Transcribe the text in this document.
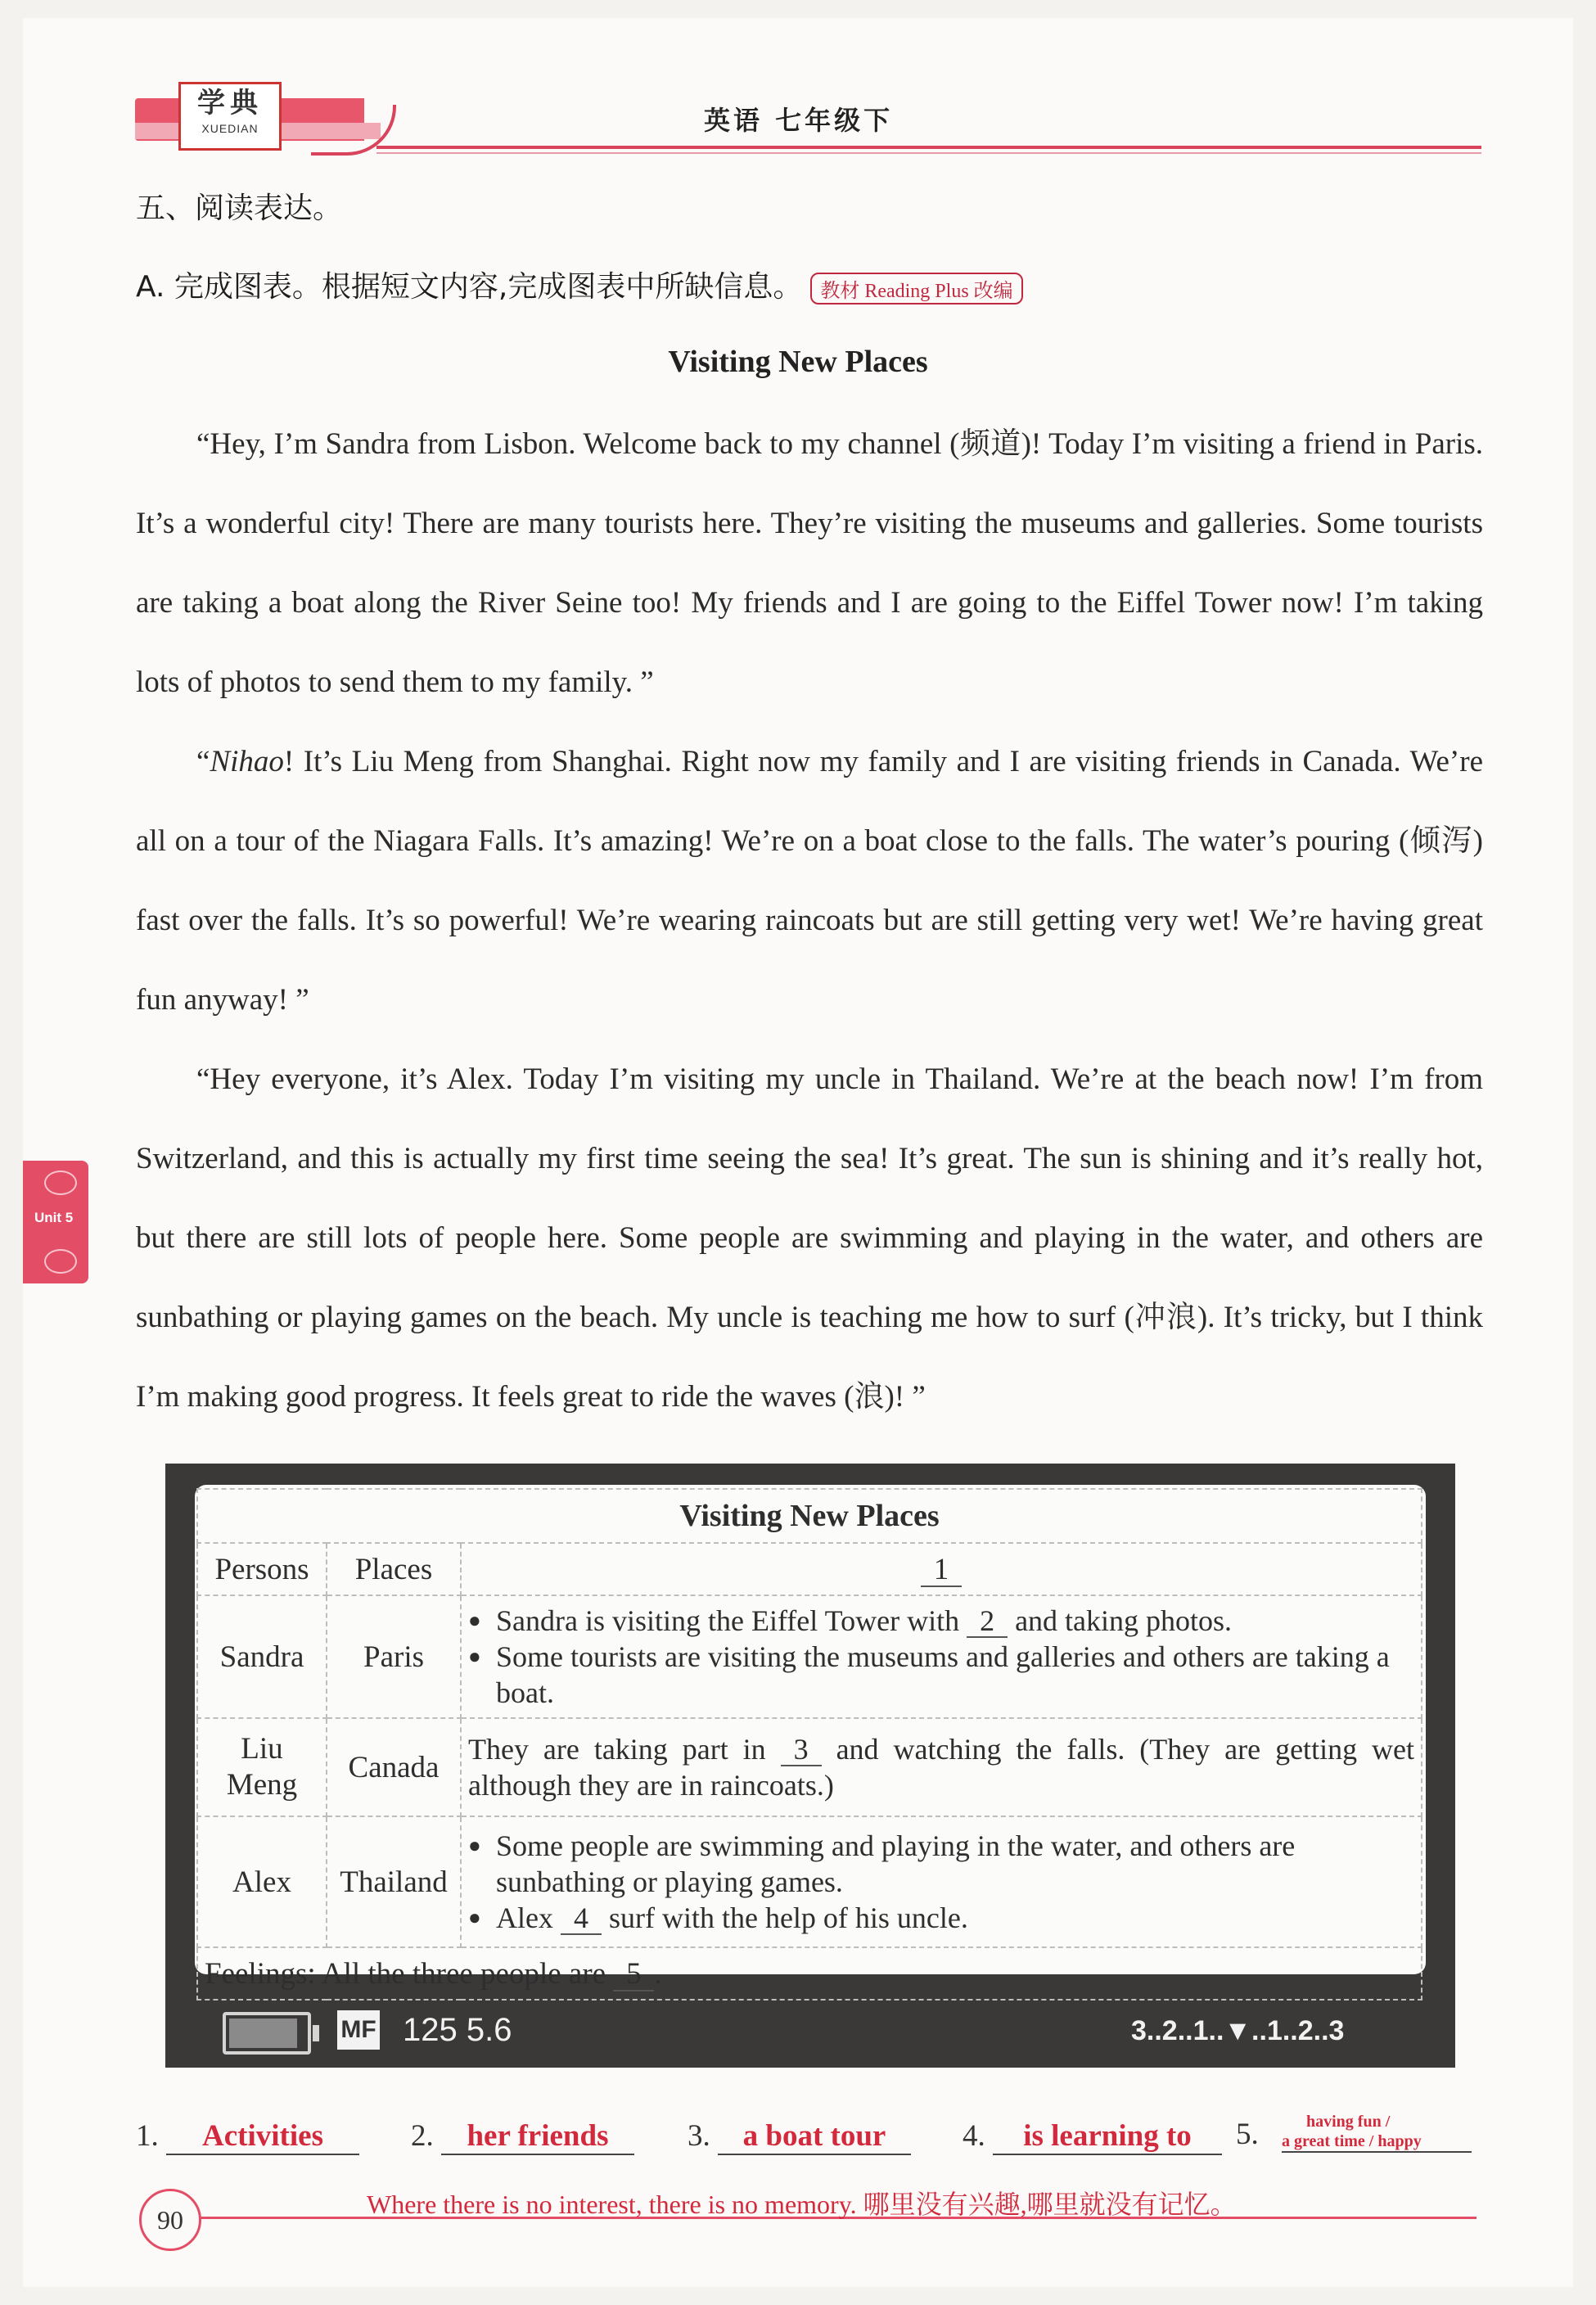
学典
XUEDIAN	英语 七年级下
五、阅读表达。
A. 完成图表。根据短文内容,完成图表中所缺信息。 教材 Reading Plus 改编
Visiting New Places
“Hey, I’m Sandra from Lisbon. Welcome back to my channel (频道)! Today I’m visiting a friend in Paris. It’s a wonderful city! There are many tourists here. They’re visiting the museums and galleries. Some tourists are taking a boat along the River Seine too! My friends and I are going to the Eiffel Tower now! I’m taking lots of photos to send them to my family. ”
“Nihao! It’s Liu Meng from Shanghai. Right now my family and I are visiting friends in Canada. We’re all on a tour of the Niagara Falls. It’s amazing! We’re on a boat close to the falls. The water’s pouring (倾泻) fast over the falls. It’s so powerful! We’re wearing raincoats but are still getting very wet! We’re having great fun anyway! ”
“Hey everyone, it’s Alex. Today I’m visiting my uncle in Thailand. We’re at the beach now! I’m from Switzerland, and this is actually my first time seeing the sea! It’s great. The sun is shining and it’s really hot, but there are still lots of people here. Some people are swimming and playing in the water, and others are sunbathing or playing games on the beach. My uncle is teaching me how to surf (冲浪). It’s tricky, but I think I’m making good progress. It feels great to ride the waves (浪)! ”
Unit 5
Visiting New Places		
Persons	Places	1
Sandra	Paris	● Sandra is visiting the Eiffel Tower with 2 and taking photos.
● Some tourists are visiting the museums and galleries and others are taking a boat.

Liu
Meng	Canada	They are taking part in 3 and watching the falls. (They are getting wet although they are in raincoats.)
Alex	Thailand	● Some people are swimming and playing in the water, and others are sunbathing or playing games.
● Alex 4 surf with the help of his uncle.

Feelings: All the three people are 5 .		
MF 125 5.6	3..2..1..▼..1..2..3
1. Activities	2. her friends	3. a boat tour	4. is learning to	5.	having fun /
a great time / happy
90
Where there is no interest, there is no memory. 哪里没有兴趣,哪里就没有记忆。
